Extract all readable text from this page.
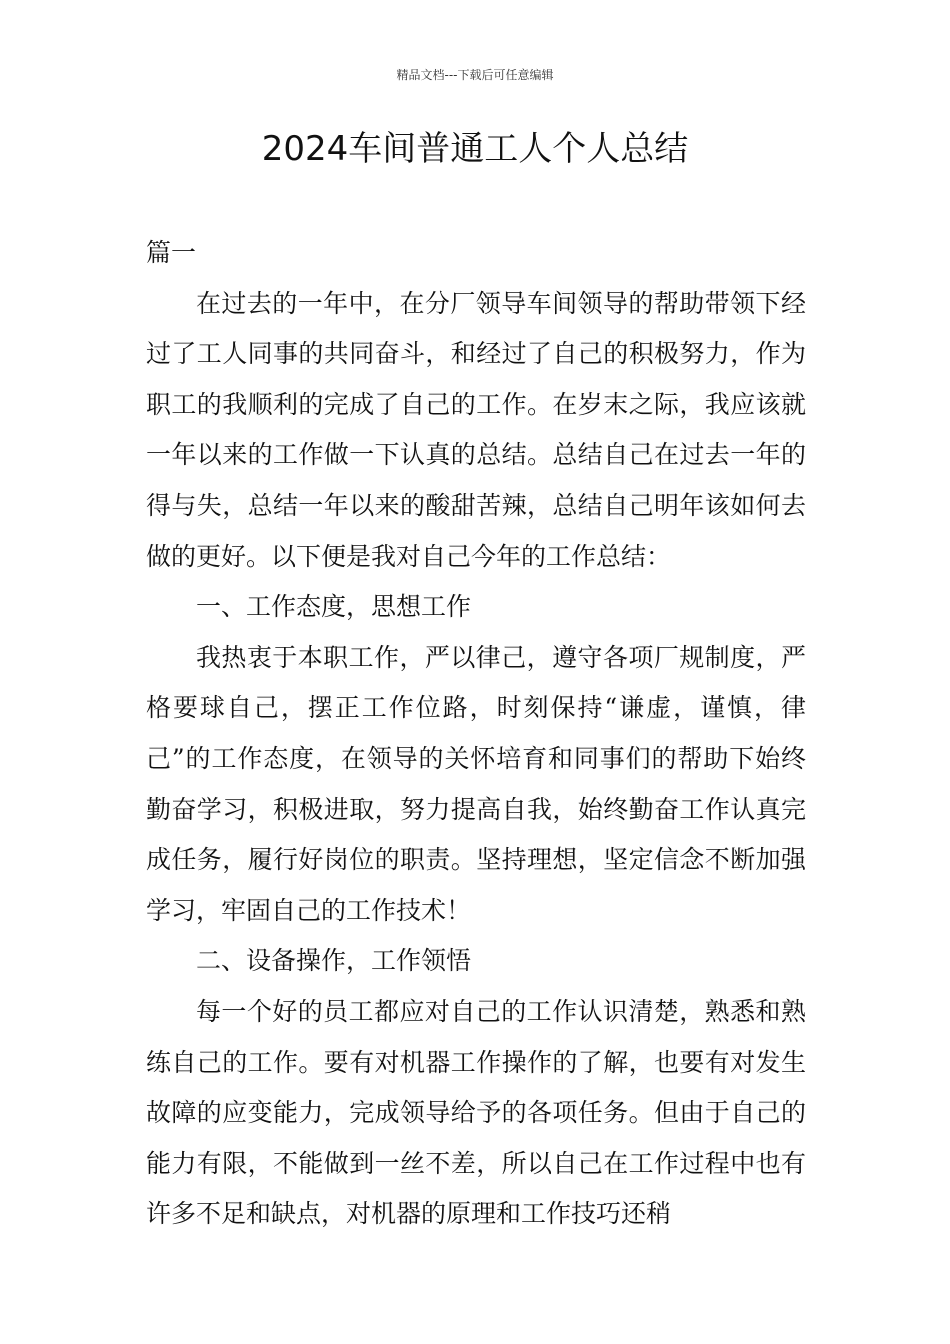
精品文档---下载后可任意编辑
2024车间普通工人个人总结

篇一

在过去的一年中，在分厂领导车间领导的帮助带领下经过了工人同事的共同奋斗，和经过了自己的积极努力，作为职工的我顺利的完成了自己的工作。在岁末之际，我应该就一年以来的工作做一下认真的总结。总结自己在过去一年的得与失，总结一年以来的酸甜苦辣，总结自己明年该如何去做的更好。以下便是我对自己今年的工作总结：

一、工作态度，思想工作

我热衷于本职工作，严以律己，遵守各项厂规制度，严格要球自己，摆正工作位路，时刻保持“谦虚，谨慎，律己”的工作态度，在领导的关怀培育和同事们的帮助下始终勤奋学习，积极进取，努力提高自我，始终勤奋工作认真完成任务，履行好岗位的职责。坚持理想，坚定信念不断加强学习，牢固自己的工作技术！

二、设备操作，工作领悟

每一个好的员工都应对自己的工作认识清楚，熟悉和熟练自己的工作。要有对机器工作操作的了解，也要有对发生故障的应变能力，完成领导给予的各项任务。但由于自己的能力有限，不能做到一丝不差，所以自己在工作过程中也有许多不足和缺点，对机器的原理和工作技巧还稍
